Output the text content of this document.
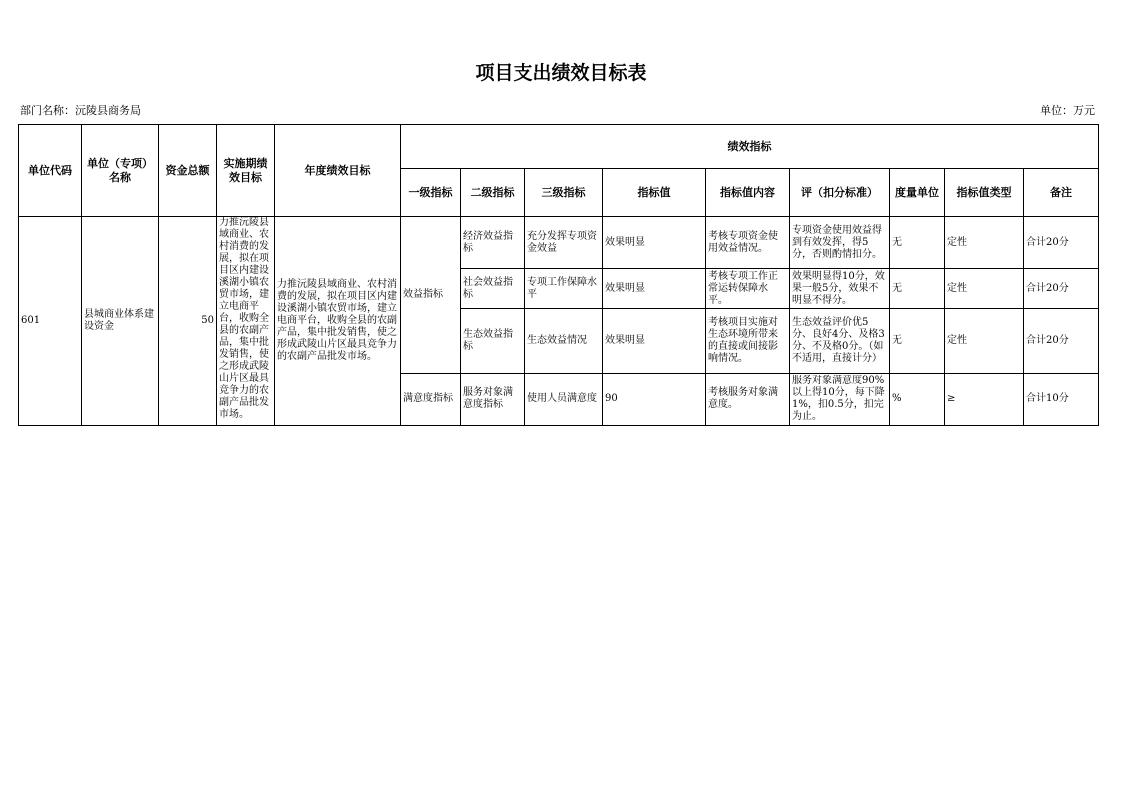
项目支出绩效目标表
部门名称：沅陵县商务局	单位：万元
单位代码	单位（专项）名称	资金总额	实施期绩效目标	年度绩效目标	绩效指标								
					一级指标	二级指标	三级指标	指标值	指标值内容	评（扣分标准）	度量单位	指标值类型	备注
601	县城商业体系建设资金	50	力推沅陵县域商业、农村消费的发展，拟在项目区内建设溪湖小镇农贸市场，建立电商平台，收购全县的农副产品，集中批发销售，使之形成武陵山片区最具竞争力的农副产品批发市场。	力推沅陵县域商业、农村消费的发展，拟在项目区内建设溪湖小镇农贸市场，建立电商平台，收购全县的农副产品，集中批发销售，使之形成武陵山片区最具竞争力的农副产品批发市场。	效益指标	经济效益指标	充分发挥专项资金效益	效果明显	考核专项资金使用效益情况。	专项资金使用效益得到有效发挥，得5分，否则酌情扣分。	无	定性	合计20分
						社会效益指标	专项工作保障水平	效果明显	考核专项工作正常运转保障水平。	效果明显得10分，效果一般5分，效果不明显不得分。	无	定性	合计20分
						生态效益指标	生态效益情况	效果明显	考核项目实施对生态环境所带来的直接或间接影响情况。	生态效益评价优5分、良好4分、及格3分、不及格0分。（如不适用，直接计分）	无	定性	合计20分
					满意度指标	服务对象满意度指标	使用人员满意度	90	考核服务对象满意度。	服务对象满意度90%以上得10分，每下降1%，扣0.5分，扣完为止。	%	≥	合计10分
